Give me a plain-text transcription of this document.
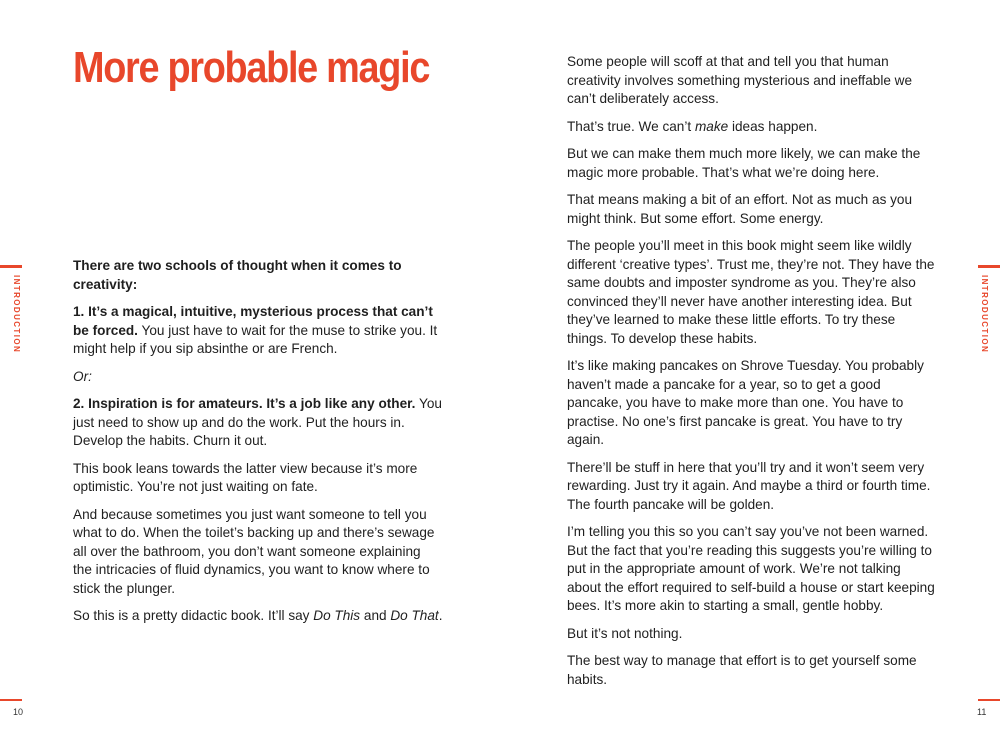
More probable magic
INTRODUCTION

There are two schools of thought when it comes to creativity:

1. It’s a magical, intuitive, mysterious process that can’t be forced. You just have to wait for the muse to strike you. It might help if you sip absinthe or are French.

Or:

2. Inspiration is for amateurs. It’s a job like any other. You just need to show up and do the work. Put the hours in. Develop the habits. Churn it out.

This book leans towards the latter view because it’s more optimistic. You’re not just waiting on fate.

And because sometimes you just want someone to tell you what to do. When the toilet’s backing up and there’s sewage all over the bathroom, you don’t want someone explaining the intricacies of fluid dynamics, you want to know where to stick the plunger.

So this is a pretty didactic book. It’ll say Do This and Do That.

10

Some people will scoff at that and tell you that human creativity involves something mysterious and ineffable we can’t deliberately access.

That’s true. We can’t make ideas happen.

But we can make them much more likely, we can make the magic more probable. That’s what we’re doing here.

That means making a bit of an effort. Not as much as you might think. But some effort. Some energy.

The people you’ll meet in this book might seem like wildly different ‘creative types’. Trust me, they’re not. They have the same doubts and imposter syndrome as you. They’re also convinced they’ll never have another interesting idea. But they’ve learned to make these little efforts. To try these things. To develop these habits.

It’s like making pancakes on Shrove Tuesday. You probably haven’t made a pancake for a year, so to get a good pancake, you have to make more than one. You have to practise. No one’s first pancake is great. You have to try again.

There’ll be stuff in here that you’ll try and it won’t seem very rewarding. Just try it again. And maybe a third or fourth time. The fourth pancake will be golden.

I’m telling you this so you can’t say you’ve not been warned. But the fact that you’re reading this suggests you’re willing to put in the appropriate amount of work. We’re not talking about the effort required to self-build a house or start keeping bees. It’s more akin to starting a small, gentle hobby.

But it’s not nothing.

The best way to manage that effort is to get yourself some habits.

INTRODUCTION
11
